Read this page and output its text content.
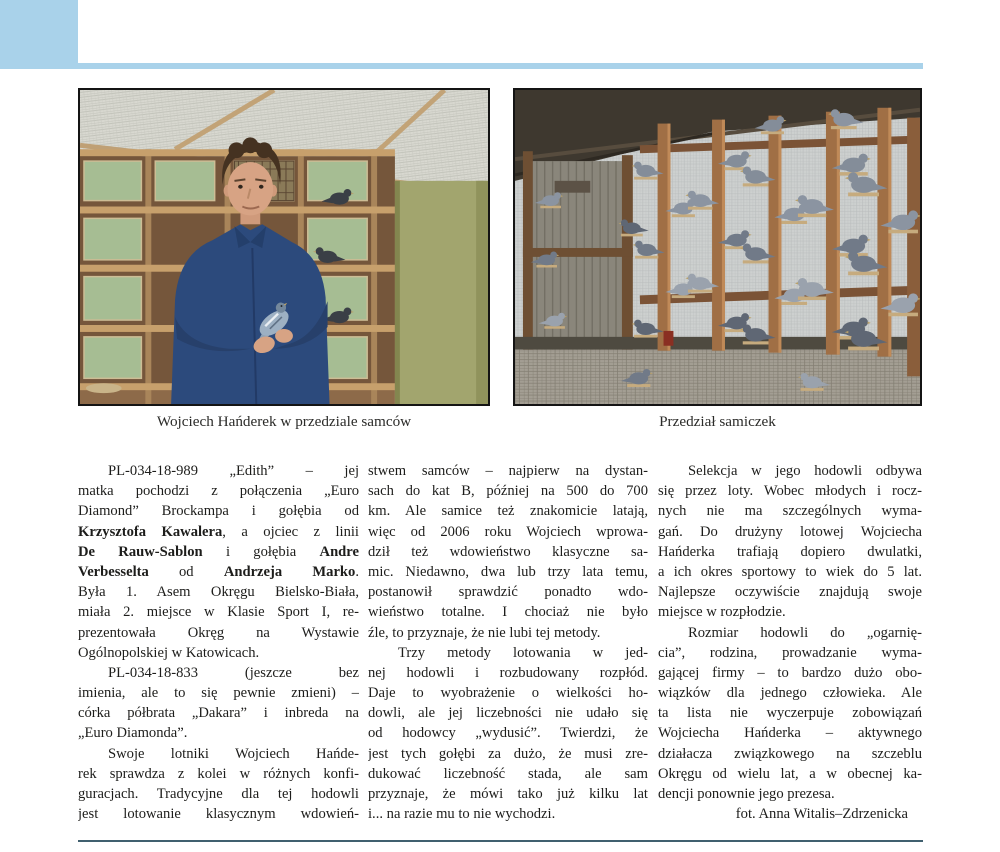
Wojciech Hańderek w przedziale samców	Przedział samiczek
PL-034-18-989 „Edith” – jej
matka pochodzi z połączenia „Euro
Diamond” Brockampa i gołębia od
Krzysztofa Kawalera, a ojciec z linii
De Rauw-Sablon i gołębia Andre
Verbesselta od Andrzeja Marko.
Była 1. Asem Okręgu Bielsko-Biała,
miała 2. miejsce w Klasie Sport I, re-
prezentowała Okręg na Wystawie
Ogólnopolskiej w Katowicach.
PL-034-18-833 (jeszcze bez
imienia, ale to się pewnie zmieni) –
córka półbrata „Dakara” i inbreda na
„Euro Diamonda”.
Swoje lotniki Wojciech Hańde-
rek sprawdza z kolei w różnych konfi-
guracjach. Tradycyjne dla tej hodowli
jest lotowanie klasycznym wdowień-
stwem samców – najpierw na dystan-
sach do kat B, później na 500 do 700
km. Ale samice też znakomicie latają,
więc od 2006 roku Wojciech wprowa-
dził też wdowieństwo klasyczne sa-
mic. Niedawno, dwa lub trzy lata temu,
postanowił sprawdzić ponadto wdo-
wieństwo totalne. I chociaż nie było
źle, to przyznaje, że nie lubi tej metody.
Trzy metody lotowania w jed-
nej hodowli i rozbudowany rozpłód.
Daje to wyobrażenie o wielkości ho-
dowli, ale jej liczebności nie udało się
od hodowcy „wydusić”. Twierdzi, że
jest tych gołębi za dużo, że musi zre-
dukować liczebność stada, ale sam
przyznaje, że mówi tako już kilku lat
i... na razie mu to nie wychodzi.
Selekcja w jego hodowli odbywa
się przez loty. Wobec młodych i rocz-
nych nie ma szczególnych wyma-
gań. Do drużyny lotowej Wojciecha
Hańderka trafiają dopiero dwulatki,
a ich okres sportowy to wiek do 5 lat.
Najlepsze oczywiście znajdują swoje
miejsce w rozpłodzie.
Rozmiar hodowli do „ogarnię-
cia”, rodzina, prowadzanie wyma-
gającej firmy – to bardzo dużo obo-
wiązków dla jednego człowieka. Ale
ta lista nie wyczerpuje zobowiązań
Wojciecha Hańderka – aktywnego
działacza związkowego na szczeblu
Okręgu od wielu lat, a w obecnej ka-
dencji ponownie jego prezesa.
fot. Anna Witalis–Zdrzenicka
